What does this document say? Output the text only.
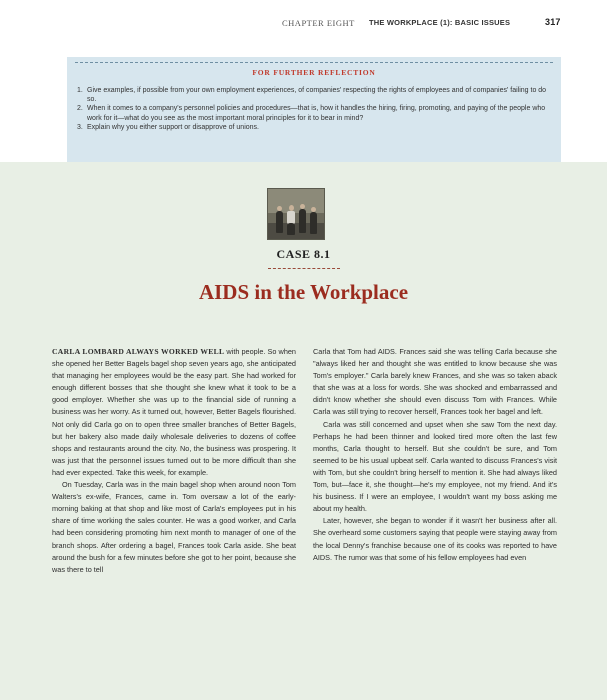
CHAPTER EIGHT THE WORKPLACE (1): BASIC ISSUES	317
FOR FURTHER REFLECTION
1. Give examples, if possible from your own employment experiences, of companies' respecting the rights of employees and of companies' failing to do so.
2. When it comes to a company's personnel policies and procedures—that is, how it handles the hiring, firing, promoting, and paying of the people who work for it—what do you see as the most important moral principles for it to bear in mind?
3. Explain why you either support or disapprove of unions.
CASE 8.1
AIDS in the Workplace

CARLA LOMBARD ALWAYS WORKED WELL with people. So when she opened her Better Bagels bagel shop seven years ago, she anticipated that managing her employees would be the easy part. She had worked for enough different bosses that she thought she knew what it took to be a good employer. Whether she was up to the financial side of running a business was her worry. As it turned out, however, Better Bagels flourished. Not only did Carla go on to open three smaller branches of Better Bagels, but her bakery also made daily wholesale deliveries to dozens of coffee shops and restaurants around the city. No, the business was prospering. It was just that the personnel issues turned out to be more difficult than she had ever expected. Take this week, for example.

On Tuesday, Carla was in the main bagel shop when around noon Tom Walters's ex-wife, Frances, came in. Tom oversaw a lot of the early-morning baking at that shop and like most of Carla's employees put in his share of time working the sales counter. He was a good worker, and Carla had been considering promoting him next month to manager of one of the branch shops. After ordering a bagel, Frances took Carla aside. She beat around the bush for a few minutes before she got to her point, because she was there to tell

Carla that Tom had AIDS. Frances said she was telling Carla because she "always liked her and thought she was entitled to know because she was Tom's employer." Carla barely knew Frances, and she was so taken aback that she was at a loss for words. She was shocked and embarrassed and didn't know whether she should even discuss Tom with Frances. While Carla was still trying to recover herself, Frances took her bagel and left.

Carla was still concerned and upset when she saw Tom the next day. Perhaps he had been thinner and looked tired more often the last few months, Carla thought to herself. But she couldn't be sure, and Tom seemed to be his usual upbeat self. Carla wanted to discuss Frances's visit with Tom, but she couldn't bring herself to mention it. She had always liked Tom, but—face it, she thought—he's my employee, not my friend. And it's his business. If I were an employee, I wouldn't want my boss asking me about my health.

Later, however, she began to wonder if it wasn't her business after all. She overheard some customers saying that people were staying away from the local Denny's franchise because one of its cooks was reported to have AIDS. The rumor was that some of his fellow employees had even
